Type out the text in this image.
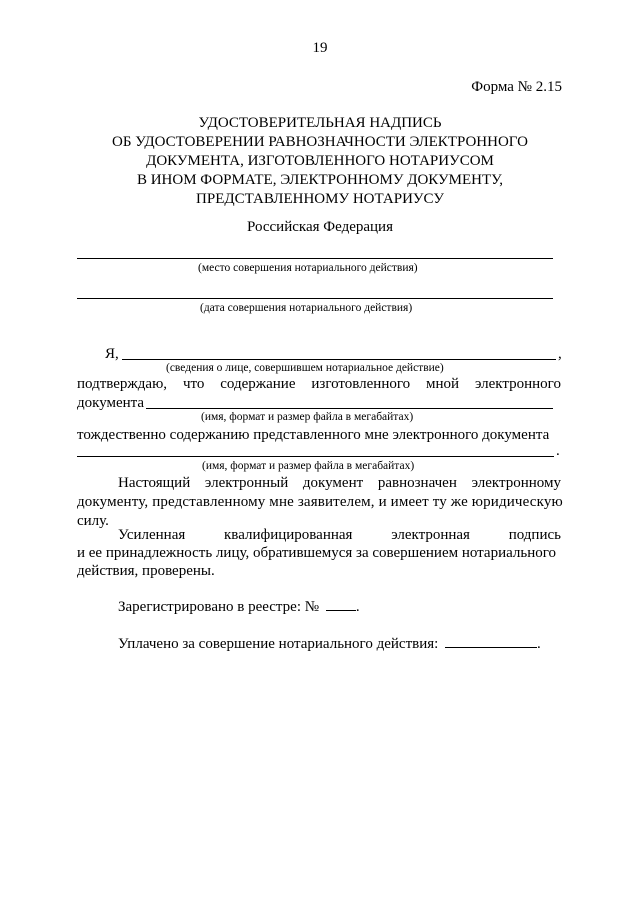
19
Форма № 2.15
УДОСТОВЕРИТЕЛЬНАЯ НАДПИСЬ
ОБ УДОСТОВЕРЕНИИ РАВНОЗНАЧНОСТИ ЭЛЕКТРОННОГО
ДОКУМЕНТА, ИЗГОТОВЛЕННОГО НОТАРИУСОМ
В ИНОМ ФОРМАТЕ, ЭЛЕКТРОННОМУ ДОКУМЕНТУ,
ПРЕДСТАВЛЕННОМУ НОТАРИУСУ
Российская Федерация
(место совершения нотариального действия)
(дата совершения нотариального действия)
Я,	,
(сведения о лице, совершившем нотариальное действие)
подтверждаю, что содержание изготовленного мной электронного
документа
(имя, формат и размер файла в мегабайтах)
тождественно содержанию представленного мне электронного документа
.
(имя, формат и размер файла в мегабайтах)
Настоящий электронный документ равнозначен электронному
документу, представленному мне заявителем, и имеет ту же юридическую
силу.
Усиленная	квалифицированная	электронная	подпись
и ее принадлежность лицу, обратившемуся за совершением нотариального
действия, проверены.
Зарегистрировано в реестре: № .
Уплачено за совершение нотариального действия:	.
